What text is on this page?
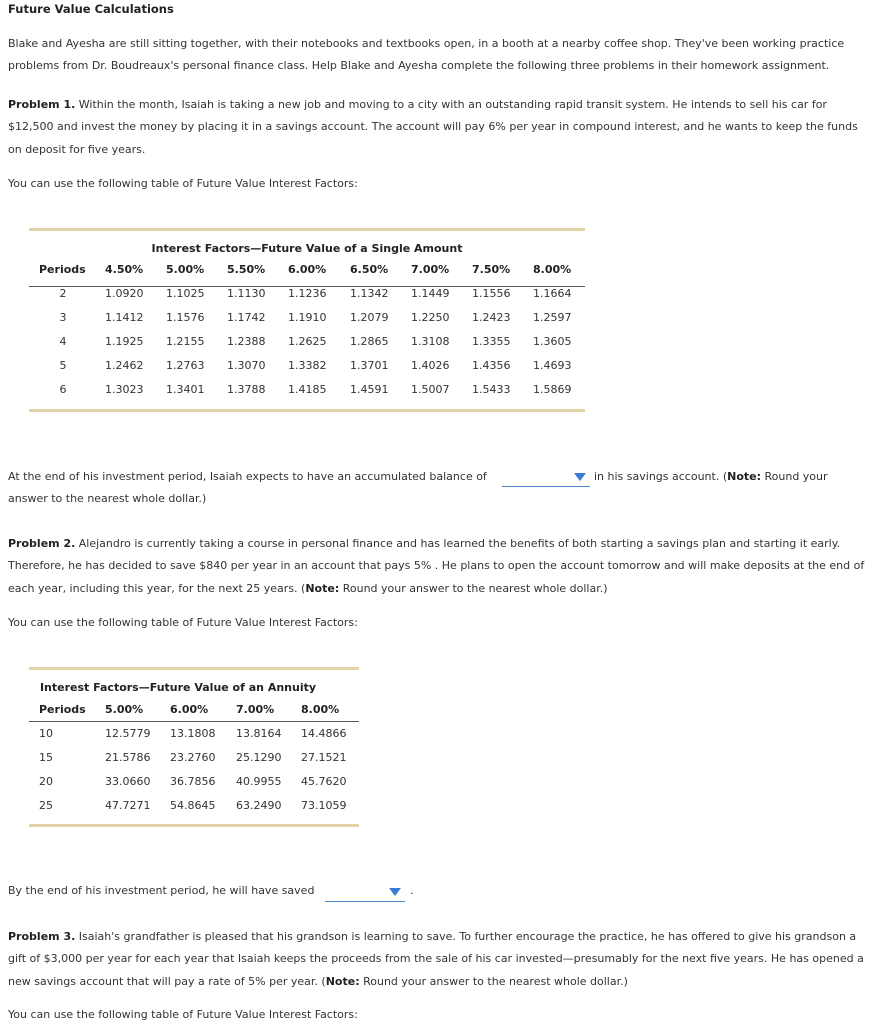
Future Value Calculations
Blake and Ayesha are still sitting together, with their notebooks and textbooks open, in a booth at a nearby coffee shop. They've been working practice problems from Dr. Boudreaux's personal finance class. Help Blake and Ayesha complete the following three problems in their homework assignment.
Problem 1. Within the month, Isaiah is taking a new job and moving to a city with an outstanding rapid transit system. He intends to sell his car for $12,500 and invest the money by placing it in a savings account. The account will pay 6% per year in compound interest, and he wants to keep the funds on deposit for five years.
You can use the following table of Future Value Interest Factors:
Interest Factors—Future Value of a Single Amount
Periods 4.50% 5.00% 5.50% 6.00% 6.50% 7.00% 7.50% 8.00%
2	1.0920 1.1025 1.1130 1.1236 1.1342 1.1449 1.1556 1.1664
3	1.1412 1.1576 1.1742 1.1910 1.2079 1.2250 1.2423 1.2597
4	1.1925 1.2155 1.2388 1.2625 1.2865 1.3108 1.3355 1.3605
5	1.2462 1.2763 1.3070 1.3382 1.3701 1.4026 1.4356 1.4693
6	1.3023 1.3401 1.3788 1.4185 1.4591 1.5007 1.5433 1.5869
At the end of his investment period, Isaiah expects to have an accumulated balance of	in his savings account. (Note: Round your
answer to the nearest whole dollar.)
Problem 2. Alejandro is currently taking a course in personal finance and has learned the benefits of both starting a savings plan and starting it early. Therefore, he has decided to save $840 per year in an account that pays 5% . He plans to open the account tomorrow and will make deposits at the end of each year, including this year, for the next 25 years. (Note: Round your answer to the nearest whole dollar.)
You can use the following table of Future Value Interest Factors:
Interest Factors—Future Value of an Annuity
Periods 5.00% 6.00%	7.00% 8.00%
10	12.5779 13.1808 13.8164 14.4866
15	21.5786 23.2760 25.1290 27.1521
20	33.0660 36.7856 40.9955 45.7620
25	47.7271 54.8645 63.2490 73.1059
By the end of his investment period, he will have saved	.
Problem 3. Isaiah's grandfather is pleased that his grandson is learning to save. To further encourage the practice, he has offered to give his grandson a gift of $3,000 per year for each year that Isaiah keeps the proceeds from the sale of his car invested—presumably for the next five years. He has opened a new savings account that will pay a rate of 5% per year. (Note: Round your answer to the nearest whole dollar.)
You can use the following table of Future Value Interest Factors:
